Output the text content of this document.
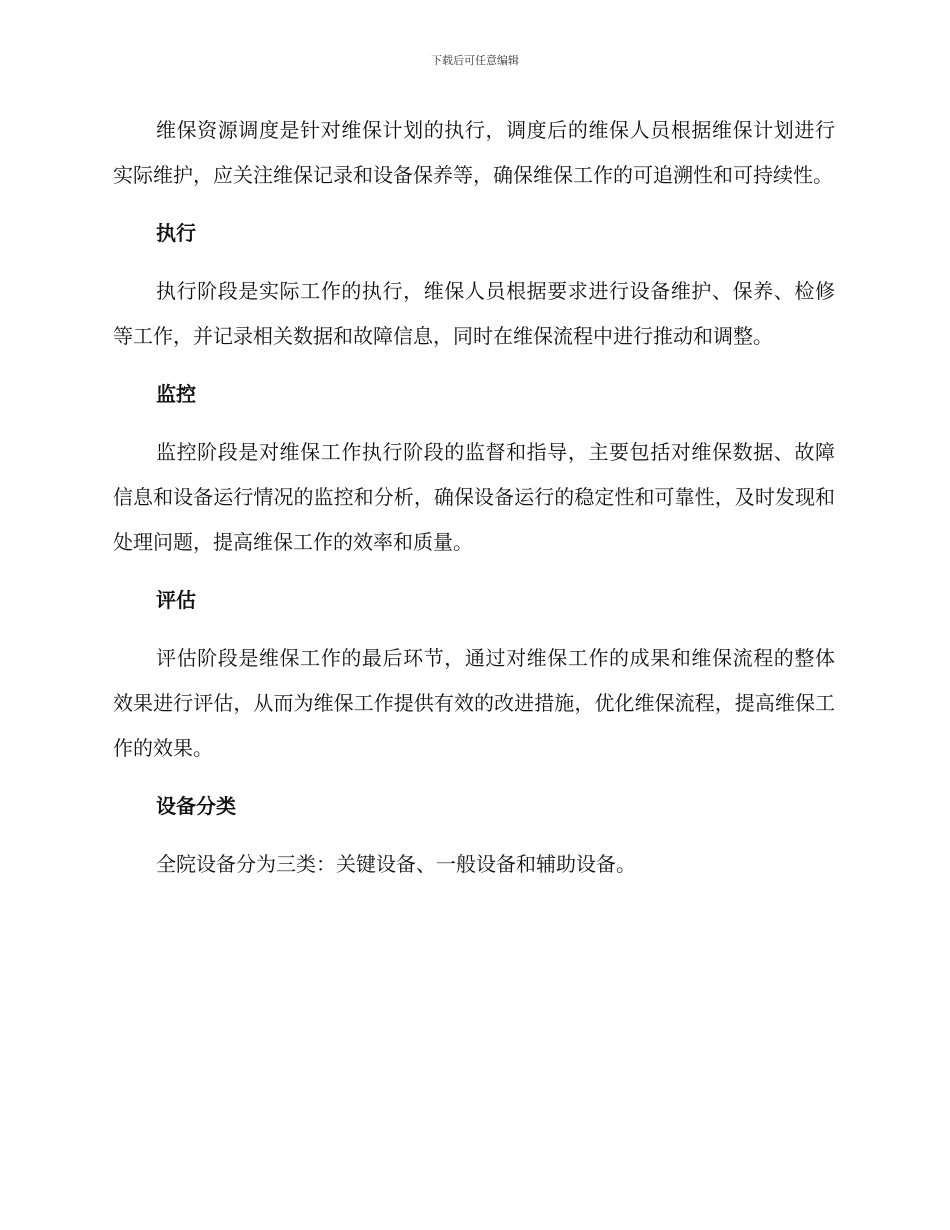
下载后可任意编辑

维保资源调度是针对维保计划的执行，调度后的维保人员根据维保计划进行实际维护，应关注维保记录和设备保养等，确保维保工作的可追溯性和可持续性。

执行

执行阶段是实际工作的执行，维保人员根据要求进行设备维护、保养、检修等工作，并记录相关数据和故障信息，同时在维保流程中进行推动和调整。

监控

监控阶段是对维保工作执行阶段的监督和指导，主要包括对维保数据、故障信息和设备运行情况的监控和分析，确保设备运行的稳定性和可靠性，及时发现和处理问题，提高维保工作的效率和质量。

评估

评估阶段是维保工作的最后环节，通过对维保工作的成果和维保流程的整体效果进行评估，从而为维保工作提供有效的改进措施，优化维保流程，提高维保工作的效果。

设备分类

全院设备分为三类：关键设备、一般设备和辅助设备。
